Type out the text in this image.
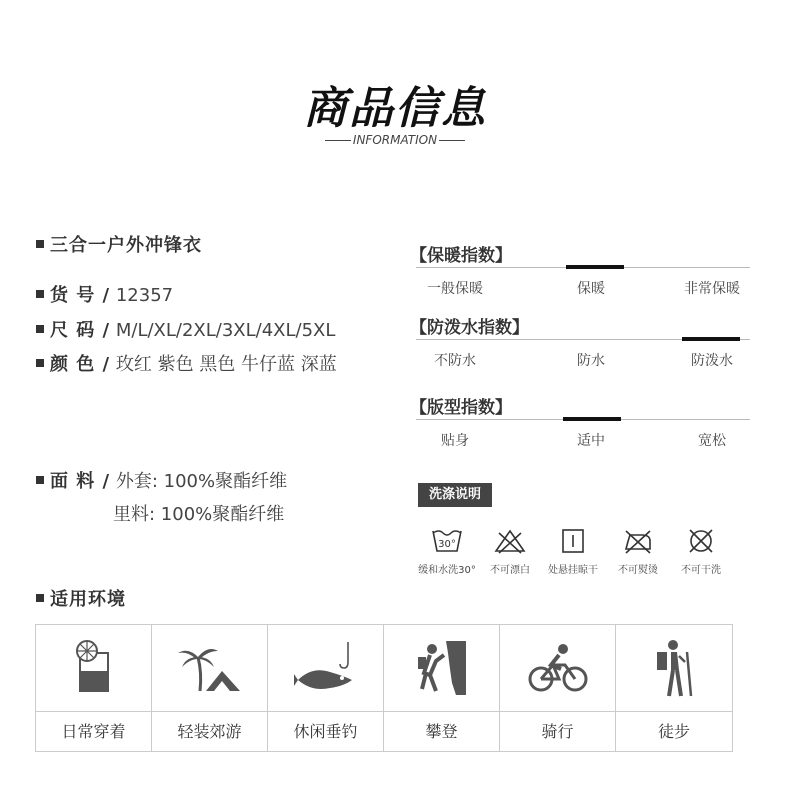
商品信息
INFORMATION
三合一户外冲锋衣
货 号 / 12357
尺 码 / M/L/XL/2XL/3XL/4XL/5XL
颜 色 / 玫红 紫色 黑色 牛仔蓝 深蓝
面 料 / 外套: 100%聚酯纤维
里料: 100%聚酯纤维
【保暖指数】
一般保暖	保暖	非常保暖
【防泼水指数】
不防水	防水	防泼水
【版型指数】
贴身	适中	宽松
洗涤说明
30°
缓和水洗30°	不可漂白	处悬挂晾干	不可熨烫	不可干洗
适用环境
日常穿着	轻装郊游	休闲垂钓	攀登	骑行	徒步
